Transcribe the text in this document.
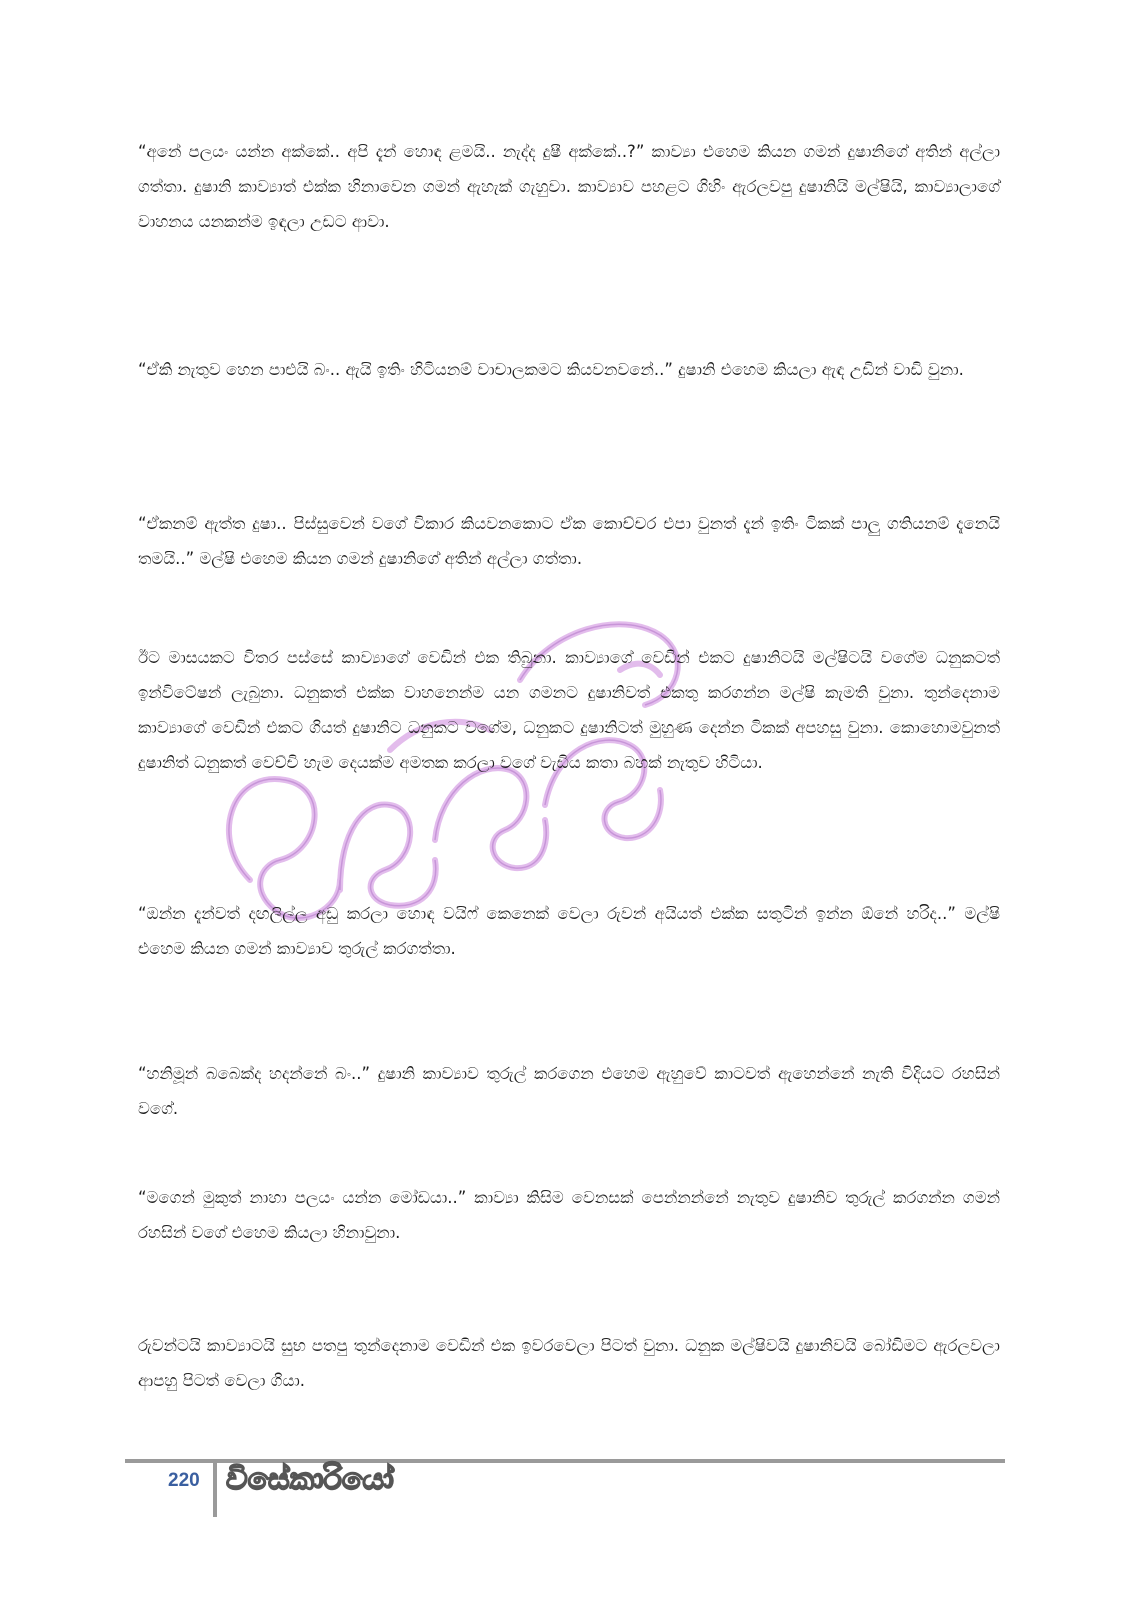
“අනේ පලයං යන්න අක්කේ.. අපි දැන් හොඳ ළමයි.. නැද්ද දුෂී අක්කේ..?” කාව්‍යා එහෙම කියන ගමන් දුෂානිගේ අතින් අල්ලා ගත්තා. දුෂානි කාව්‍යාත් එක්ක හිනාවෙන ගමන් ඇහැක් ගැහුවා. කාව්‍යාව පහළට ගිහිං ඇරලවපු දුෂානියි මල්ෂියි, කාව්‍යාලාගේ වාහනය යනකන්ම ඉඳලා උඩට ආවා.

“ඒකි නැතුව හෙන පාළුයි බං.. ඇයි ඉතිං හිටියනම් වාචාලකමට කියවනවනේ..” දුෂානි එහෙම කියලා ඇඳ උඩින් වාඩි වුනා.

“ඒකනම් ඇත්ත දුෂා.. පිස්සුවෙන් වගේ විකාර කියවනකොට ඒක කොච්චර එපා වුනත් දැන් ඉතිං ටිකක් පාලු ගතියනම් දැනෙයි තමයි..” මල්ෂි එහෙම කියන ගමන් දුෂානිගේ අතින් අල්ලා ගත්තා.

ඊට මාසයකට විතර පස්සේ කාව්‍යාගේ වෙඩින් එක තිබුනා. කාව්‍යාගේ වෙඩින් එකට දුෂානිටයි මල්ෂිටයි වගේම ධනුකටත් ඉන්විටේෂන් ලැබුනා. ධනුකත් එක්ක වාහනෙන්ම යන ගමනට දුෂානිවත් එකතු කරගන්න මල්ෂි කැමති වුනා. තුන්දෙනාම කාව්‍යාගේ වෙඩින් එකට ගියත් දුෂානිට ධනුකට වගේම, ධනුකට දුෂානිටත් මුහුණ දෙන්න ටිකක් අපහසු වුනා. කොහොමවුනත් දුෂානිත් ධනුකත් වෙච්චි හැම දෙයක්ම අමතක කරලා වගේ වැඩිය කතා බහක් නැතුව හිටියා.

“ඔන්න දැන්වත් දඟලිල්ල අඩු කරලා හොඳ වයිෆ් කෙනෙක් වෙලා රුවන් අයියත් එක්ක සතුටින් ඉන්න ඕනේ හරිද..” මල්ෂි එහෙම කියන ගමන් කාව්‍යාව තුරුල් කරගත්තා.

“හනිමූන් බබෙක්ද හදන්නේ බං..” දුෂානි කාව්‍යාව තුරුල් කරගෙන එහෙම ඇහුවේ කාටවත් ඇහෙන්නේ නැති විදියට රහසින් වගේ.

“මගෙන් මුකුත් නාහා පලයං යන්න මෝඩයා..” කාව්‍යා කිසිම වෙනසක් පෙන්නන්නේ නැතුව දුෂානිව තුරුල් කරගන්න ගමන් රහසින් වගේ එහෙම කියලා හිනාවුනා.

රුවන්ටයි කාව්‍යාටයි සුභ පතපු තුන්දෙනාම වෙඩින් එක ඉවරවෙලා පිටත් වුනා. ධනුක මල්ෂිවයි දුෂානිවයි බෝඩිමට ඇරලවලා ආපහු පිටත් වෙලා ගියා.

220 විසේකාරියෝ
